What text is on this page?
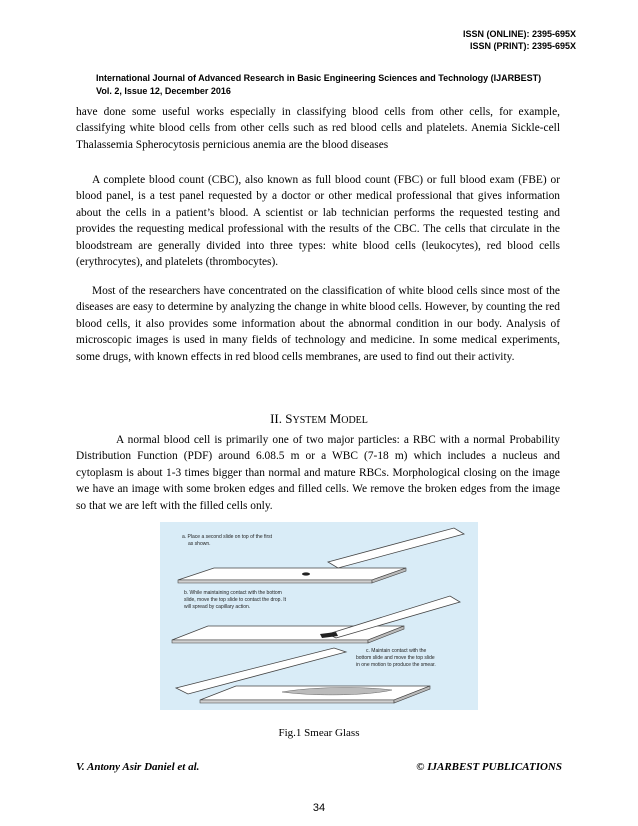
ISSN (ONLINE): 2395-695X
ISSN (PRINT): 2395-695X
International Journal of Advanced Research in Basic Engineering Sciences and Technology (IJARBEST)
Vol. 2, Issue 12, December 2016

have done some useful works especially in classifying blood cells from other cells, for example, classifying white blood cells from other cells such as red blood cells and platelets. Anemia Sickle-cell Thalassemia Spherocytosis pernicious anemia are the blood diseases

A complete blood count (CBC), also known as full blood count (FBC) or full blood exam (FBE) or blood panel, is a test panel requested by a doctor or other medical professional that gives information about the cells in a patient’s blood. A scientist or lab technician performs the requested testing and provides the requesting medical professional with the results of the CBC. The cells that circulate in the bloodstream are generally divided into three types: white blood cells (leukocytes), red blood cells (erythrocytes), and platelets (thrombocytes).

Most of the researchers have concentrated on the classification of white blood cells since most of the diseases are easy to determine by analyzing the change in white blood cells. However, by counting the red blood cells, it also provides some information about the abnormal condition in our body. Analysis of microscopic images is used in many fields of technology and medicine. In some medical experiments, some drugs, with known effects in red blood cells membranes, are used to find out their activity.

II. SYSTEM MODEL

A normal blood cell is primarily one of two major particles: a RBC with a normal Probability Distribution Function (PDF) around 6.08.5 m or a WBC (7-18 m) which includes a nucleus and cytoplasm is about 1-3 times bigger than normal and mature RBCs. Morphological closing on the image we have an image with some broken edges and filled cells. We remove the broken edges from the image so that we are left with the filled cells only.

a. Place a second slide on top of the first
as shown.
b. While maintaining contact with the bottom
slide, move the top slide to contact the drop. It
will spread by capillary action.
c. Maintain contact with the
bottom slide and move the top slide
in one motion to produce the smear.
Fig.1 Smear Glass
V. Antony Asir Daniel et al.	© IJARBEST PUBLICATIONS
34
